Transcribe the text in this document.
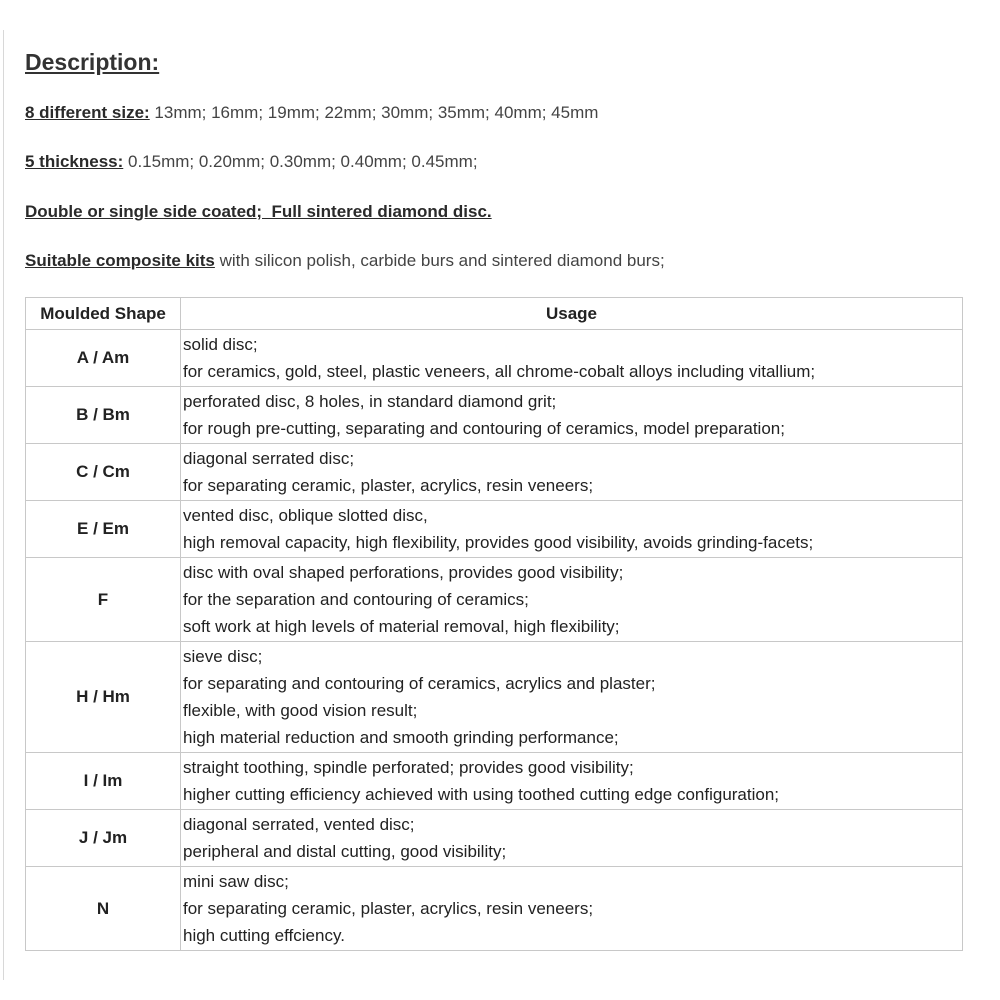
Description:

8 different size: 13mm; 16mm; 19mm; 22mm; 30mm; 35mm; 40mm; 45mm

5 thickness: 0.15mm; 0.20mm; 0.30mm; 0.40mm; 0.45mm;

Double or single side coated;  Full sintered diamond disc.

Suitable composite kits with silicon polish, carbide burs and sintered diamond burs;

Moulded Shape	Usage
A / Am	solid disc;
for ceramics, gold, steel, plastic veneers, all chrome-cobalt alloys including vitallium;

B / Bm	perforated disc, 8 holes, in standard diamond grit;
for rough pre-cutting, separating and contouring of ceramics, model preparation;

C / Cm	diagonal serrated disc;
for separating ceramic, plaster, acrylics, resin veneers;

E / Em	vented disc, oblique slotted disc,
high removal capacity, high flexibility, provides good visibility, avoids grinding-facets;

F	disc with oval shaped perforations, provides good visibility;
for the separation and contouring of ceramics;
soft work at high levels of material removal, high flexibility;

H / Hm	sieve disc;
for separating and contouring of ceramics, acrylics and plaster;
flexible, with good vision result;
high material reduction and smooth grinding performance;

I / Im	straight toothing, spindle perforated; provides good visibility;
higher cutting efficiency achieved with using toothed cutting edge configuration;

J / Jm	diagonal serrated, vented disc;
peripheral and distal cutting, good visibility;

N	mini saw disc;
for separating ceramic, plaster, acrylics, resin veneers;
high cutting effciency.
